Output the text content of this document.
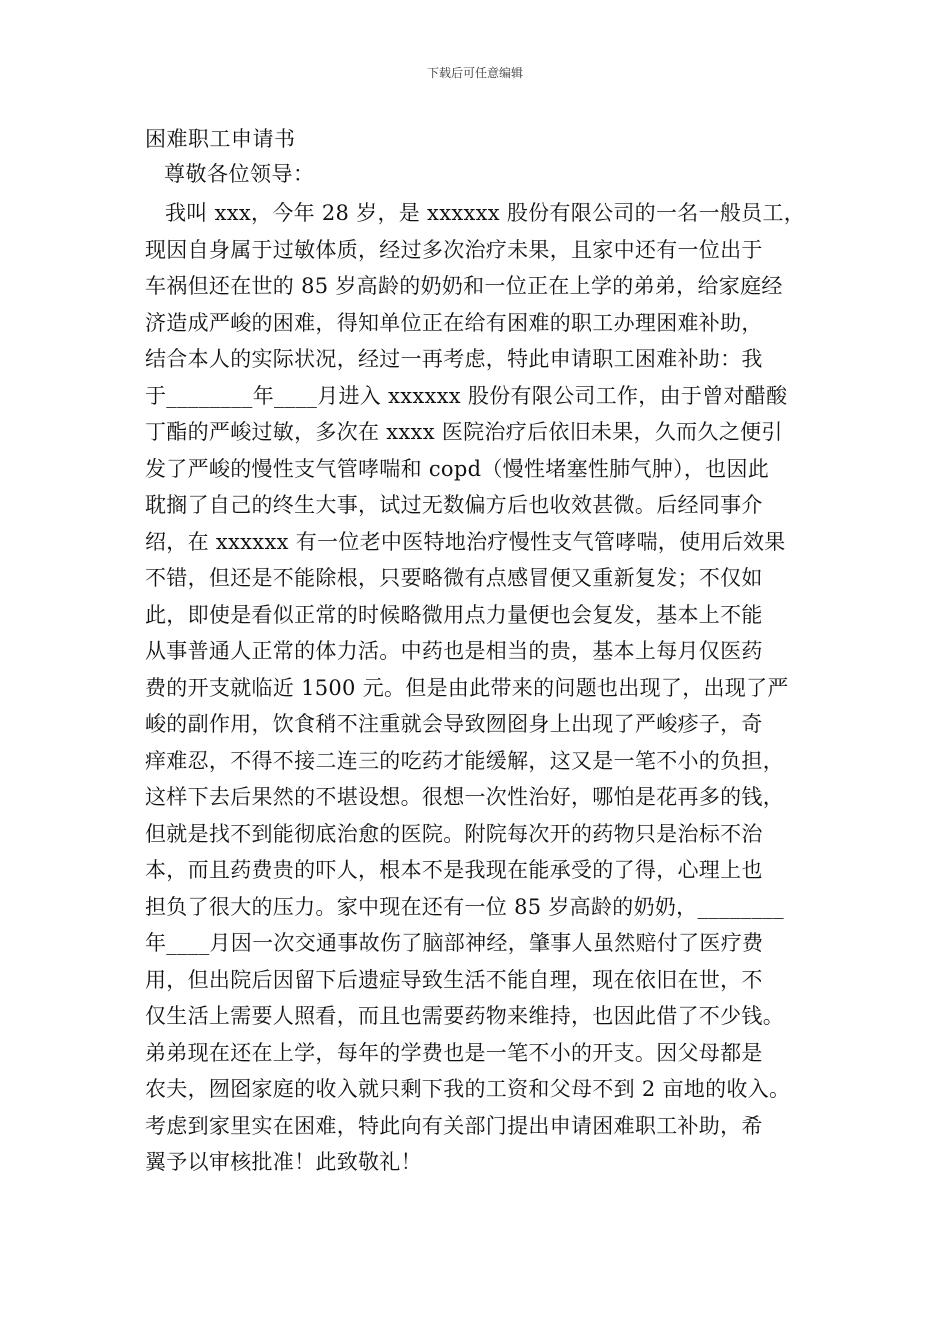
下载后可任意编辑
困难职工申请书
尊敬各位领导：
我叫 xxx，今年 28 岁，是 xxxxxx 股份有限公司的一名一般员工，
现因自身属于过敏体质，经过多次治疗未果，且家中还有一位出于
车祸但还在世的 85 岁高龄的奶奶和一位正在上学的弟弟，给家庭经
济造成严峻的困难，得知单位正在给有困难的职工办理困难补助，
结合本人的实际状况，经过一再考虑，特此申请职工困难补助：我
于________年____月进入 xxxxxx 股份有限公司工作，由于曾对醋酸
丁酯的严峻过敏，多次在 xxxx 医院治疗后依旧未果，久而久之便引
发了严峻的慢性支气管哮喘和 copd（慢性堵塞性肺气肿），也因此
耽搁了自己的终生大事，试过无数偏方后也收效甚微。后经同事介
绍，在 xxxxxx 有一位老中医特地治疗慢性支气管哮喘，使用后效果
不错，但还是不能除根，只要略微有点感冒便又重新复发；不仅如
此，即使是看似正常的时候略微用点力量便也会复发，基本上不能
从事普通人正常的体力活。中药也是相当的贵，基本上每月仅医药
费的开支就临近 1500 元。但是由此带来的问题也出现了，出现了严
峻的副作用，饮食稍不注重就会导致囫囵身上出现了严峻疹子，奇
痒难忍，不得不接二连三的吃药才能缓解，这又是一笔不小的负担，
这样下去后果然的不堪设想。很想一次性治好，哪怕是花再多的钱，
但就是找不到能彻底治愈的医院。附院每次开的药物只是治标不治
本，而且药费贵的吓人，根本不是我现在能承受的了得，心理上也
担负了很大的压力。家中现在还有一位 85 岁高龄的奶奶，________
年____月因一次交通事故伤了脑部神经，肇事人虽然赔付了医疗费
用，但出院后因留下后遗症导致生活不能自理，现在依旧在世，不
仅生活上需要人照看，而且也需要药物来维持，也因此借了不少钱。
弟弟现在还在上学，每年的学费也是一笔不小的开支。因父母都是
农夫，囫囵家庭的收入就只剩下我的工资和父母不到 2 亩地的收入。
考虑到家里实在困难，特此向有关部门提出申请困难职工补助，希
翼予以审核批准！此致敬礼！
